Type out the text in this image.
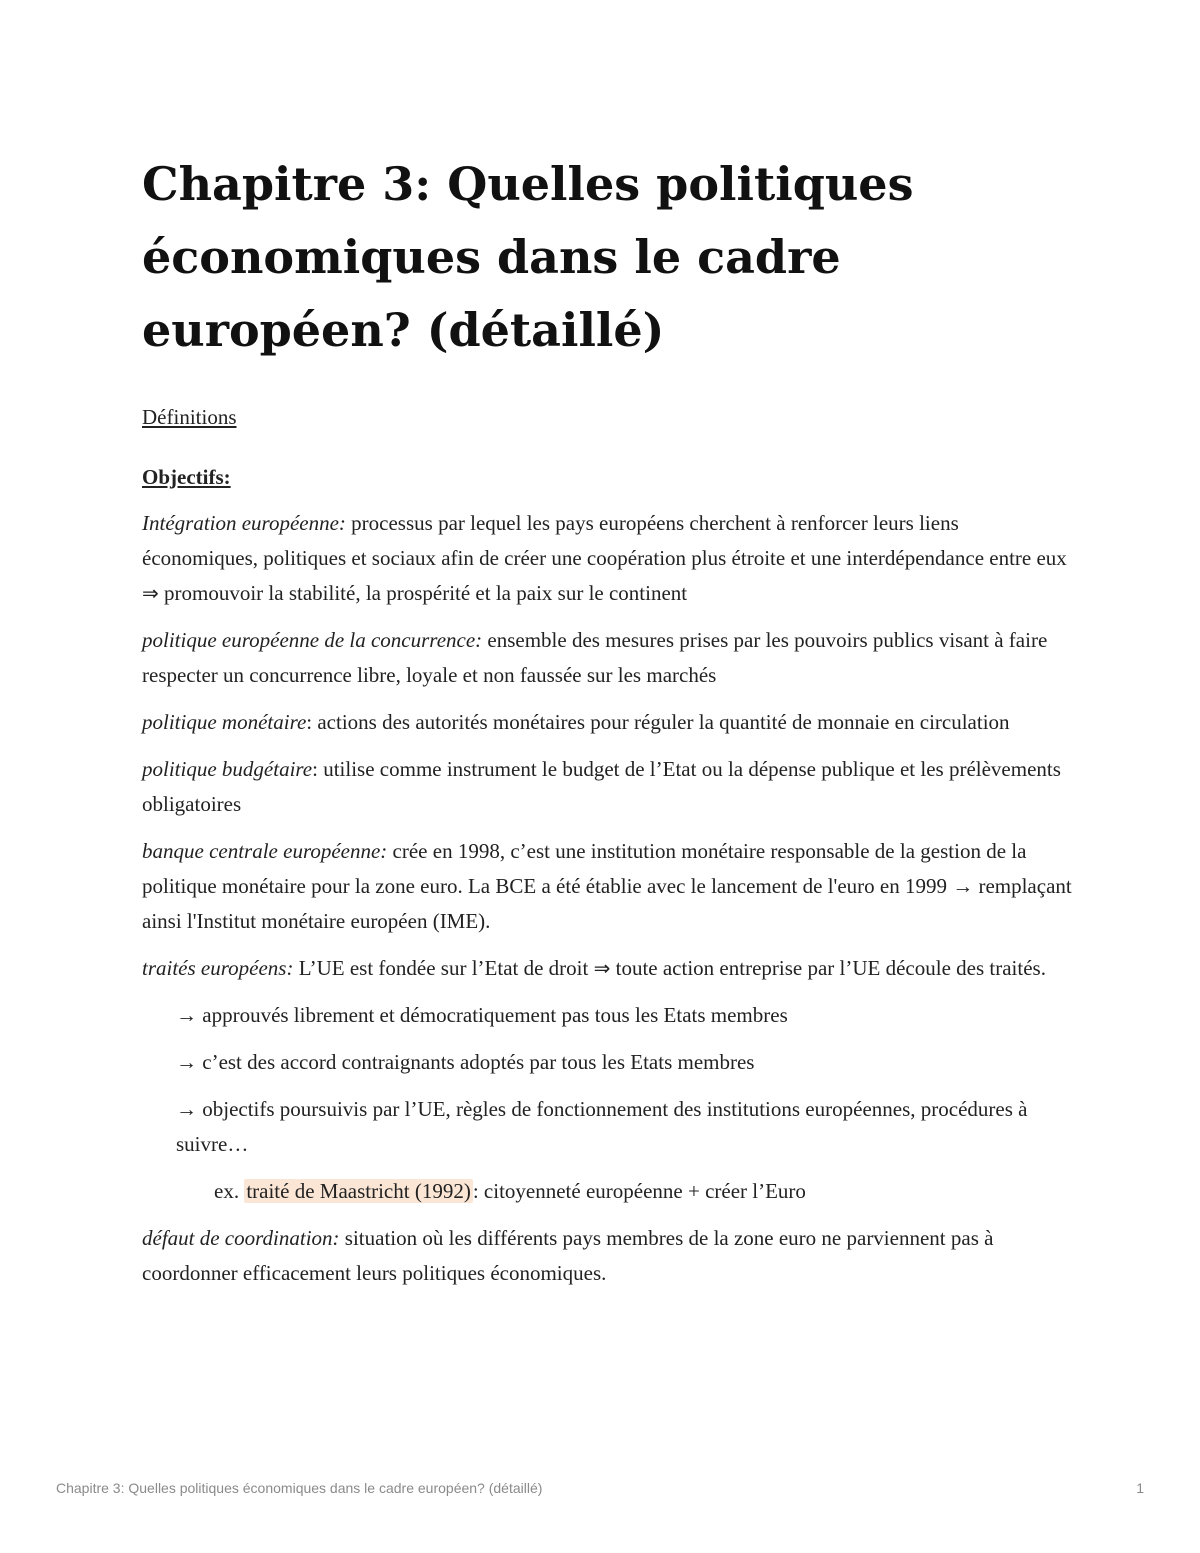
Chapitre 3: Quelles politiques économiques dans le cadre européen? (détaillé)
Définitions
Objectifs:

Intégration européenne: processus par lequel les pays européens cherchent à renforcer leurs liens économiques, politiques et sociaux afin de créer une coopération plus étroite et une interdépendance entre eux ⇒ promouvoir la stabilité, la prospérité et la paix sur le continent

politique européenne de la concurrence: ensemble des mesures prises par les pouvoirs publics visant à faire respecter un concurrence libre, loyale et non faussée sur les marchés

politique monétaire: actions des autorités monétaires pour réguler la quantité de monnaie en circulation

politique budgétaire: utilise comme instrument le budget de l’Etat ou la dépense publique et les prélèvements obligatoires

banque centrale européenne: crée en 1998, c’est une institution monétaire responsable de la gestion de la politique monétaire pour la zone euro. La BCE a été établie avec le lancement de l'euro en 1999 → remplaçant ainsi l'Institut monétaire européen (IME).

traités européens: L’UE est fondée sur l’Etat de droit ⇒ toute action entreprise par l’UE découle des traités.

→ approuvés librement et démocratiquement pas tous les Etats membres

→ c’est des accord contraignants adoptés par tous les Etats membres

→ objectifs poursuivis par l’UE, règles de fonctionnement des institutions européennes, procédures à suivre…

ex. traité de Maastricht (1992): citoyenneté européenne + créer l’Euro

défaut de coordination: situation où les différents pays membres de la zone euro ne parviennent pas à coordonner efficacement leurs politiques économiques.

Chapitre 3: Quelles politiques économiques dans le cadre européen? (détaillé)	1
